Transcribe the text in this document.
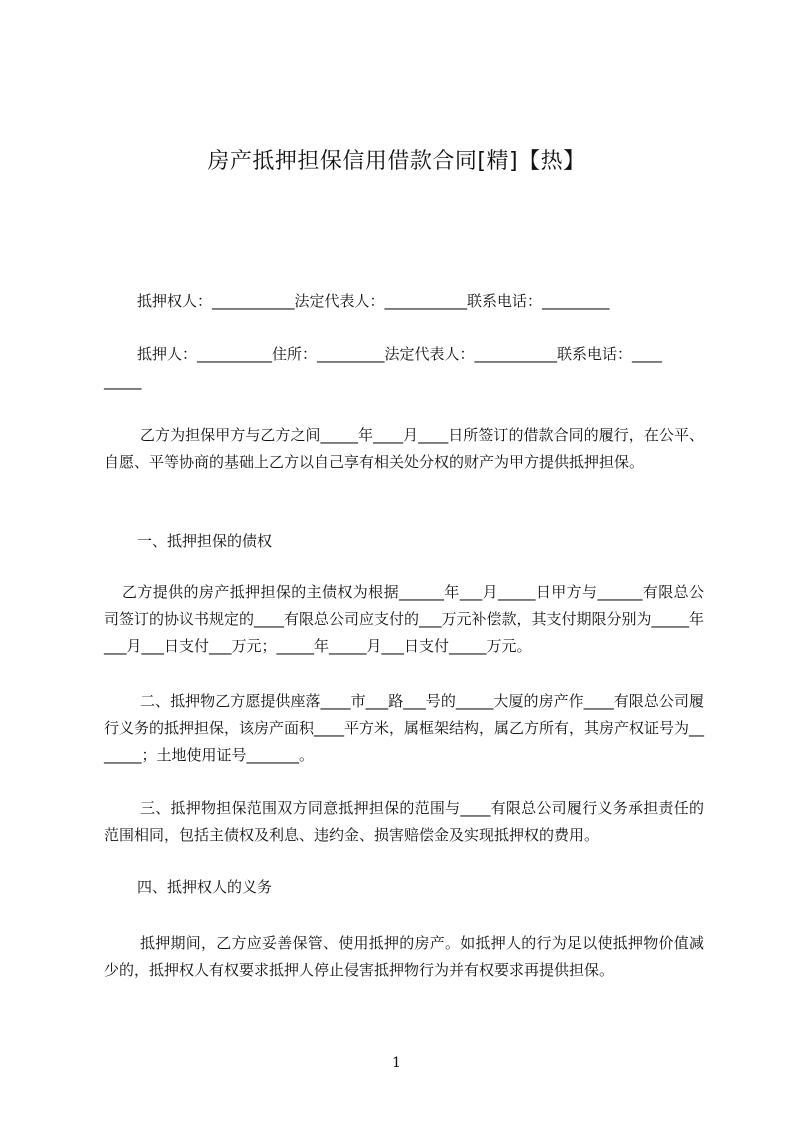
房产抵押担保信用借款合同[精]【热】

抵押权人：___________法定代表人：___________联系电话：_________

抵押人：__________住所：_________法定代表人：___________联系电话：____

_____

乙方为担保甲方与乙方之间_____年____月____日所签订的借款合同的履行，在公平、自愿、平等协商的基础上乙方以自己享有相关处分权的财产为甲方提供抵押担保。

一、抵押担保的债权

乙方提供的房产抵押担保的主债权为根据______年___月_____日甲方与______有限总公司签订的协议书规定的____有限总公司应支付的___万元补偿款，其支付期限分别为_____年___月___日支付___万元；_____年_____月___日支付_____万元。

二、抵押物乙方愿提供座落____市___路___号的_____大厦的房产作____有限总公司履行义务的抵押担保，该房产面积____平方米，属框架结构，属乙方所有，其房产权证号为_______；土地使用证号_______。

三、抵押物担保范围双方同意抵押担保的范围与____有限总公司履行义务承担责任的范围相同，包括主债权及利息、违约金、损害赔偿金及实现抵押权的费用。

四、抵押权人的义务

抵押期间，乙方应妥善保管、使用抵押的房产。如抵押人的行为足以使抵押物价值减少的，抵押权人有权要求抵押人停止侵害抵押物行为并有权要求再提供担保。

1
